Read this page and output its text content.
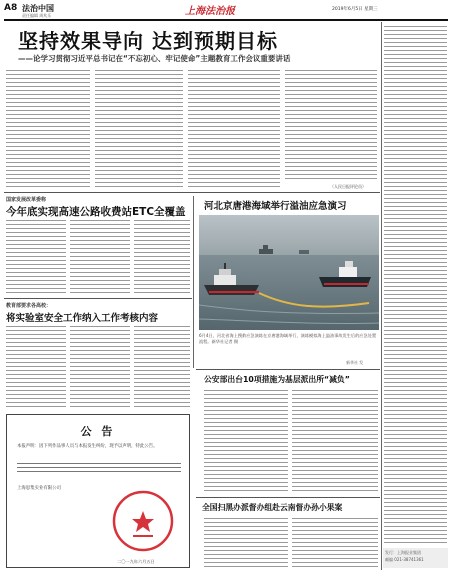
A8 法治中国
责任编辑 周兆乐	上海法治报	2019年6月5日 星期三
发行：上海报业集团
邮编 021-38741361
坚持效果导向 达到预期目标
——论学习贯彻习近平总书记在“不忘初心、牢记使命”主题教育工作会议重要讲话
（人民日报评论员）
国家发展改革委称
今年底实现高速公路收费站ETC全覆盖 河北京唐港海域举行溢油应急演习
6月4日，河北省海上搜救应急演练在京唐港海域举行，演练模拟海上溢油事故发生后的应急处置流程。新华社记者 摄
新华社 发
教育部要求各高校：
将实验室安全工作纳入工作考核内容
公安部出台10项措施为基层派出所“减负”
公 告
本报声明：因下列作品事人员与本报发生纠纷，现予以声明，特此公告。
上海思集实业有限公司
二〇一九年六月五日
全国扫黑办派督办组赴云南督办孙小果案
